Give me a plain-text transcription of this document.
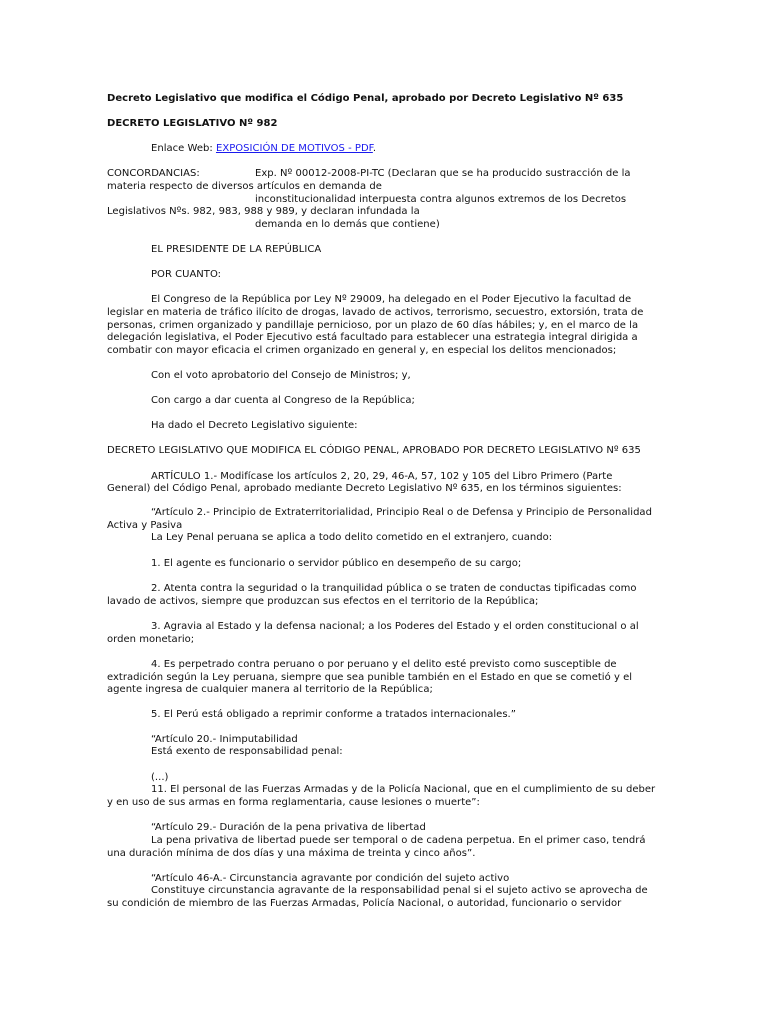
Decreto Legislativo que modifica el Código Penal, aprobado por Decreto Legislativo Nº 635
DECRETO LEGISLATIVO Nº 982
Enlace Web: EXPOSICIÓN DE MOTIVOS - PDF.
CONCORDANCIAS:	Exp. Nº 00012-2008-PI-TC (Declaran que se ha producido sustracción de la
materia respecto de diversos artículos en demanda de
inconstitucionalidad interpuesta contra algunos extremos de los Decretos
Legislativos Nºs. 982, 983, 988 y 989, y declaran infundada la
demanda en lo demás que contiene)
EL PRESIDENTE DE LA REPÚBLICA
POR CUANTO:
El Congreso de la República por Ley Nº 29009, ha delegado en el Poder Ejecutivo la facultad de
legislar en materia de tráfico ilícito de drogas, lavado de activos, terrorismo, secuestro, extorsión, trata de
personas, crimen organizado y pandillaje pernicioso, por un plazo de 60 días hábiles; y, en el marco de la
delegación legislativa, el Poder Ejecutivo está facultado para establecer una estrategia integral dirigida a
combatir con mayor eficacia el crimen organizado en general y, en especial los delitos mencionados;
Con el voto aprobatorio del Consejo de Ministros; y,
Con cargo a dar cuenta al Congreso de la República;
Ha dado el Decreto Legislativo siguiente:
DECRETO LEGISLATIVO QUE MODIFICA EL CÓDIGO PENAL, APROBADO POR DECRETO LEGISLATIVO Nº 635
ARTÍCULO 1.- Modifícase los artículos 2, 20, 29, 46-A, 57, 102 y 105 del Libro Primero (Parte
General) del Código Penal, aprobado mediante Decreto Legislativo Nº 635, en los términos siguientes:
“Artículo 2.- Principio de Extraterritorialidad, Principio Real o de Defensa y Principio de Personalidad
Activa y Pasiva
La Ley Penal peruana se aplica a todo delito cometido en el extranjero, cuando:
1. El agente es funcionario o servidor público en desempeño de su cargo;
2. Atenta contra la seguridad o la tranquilidad pública o se traten de conductas tipificadas como
lavado de activos, siempre que produzcan sus efectos en el territorio de la República;
3. Agravia al Estado y la defensa nacional; a los Poderes del Estado y el orden constitucional o al
orden monetario;
4. Es perpetrado contra peruano o por peruano y el delito esté previsto como susceptible de
extradición según la Ley peruana, siempre que sea punible también en el Estado en que se cometió y el
agente ingresa de cualquier manera al territorio de la República;
5. El Perú está obligado a reprimir conforme a tratados internacionales.”
“Artículo 20.- Inimputabilidad
Está exento de responsabilidad penal:
(...)
11. El personal de las Fuerzas Armadas y de la Policía Nacional, que en el cumplimiento de su deber
y en uso de sus armas en forma reglamentaria, cause lesiones o muerte”:
“Artículo 29.- Duración de la pena privativa de libertad
La pena privativa de libertad puede ser temporal o de cadena perpetua. En el primer caso, tendrá
una duración mínima de dos días y una máxima de treinta y cinco años”.
“Artículo 46-A.- Circunstancia agravante por condición del sujeto activo
Constituye circunstancia agravante de la responsabilidad penal si el sujeto activo se aprovecha de
su condición de miembro de las Fuerzas Armadas, Policía Nacional, o autoridad, funcionario o servidor
